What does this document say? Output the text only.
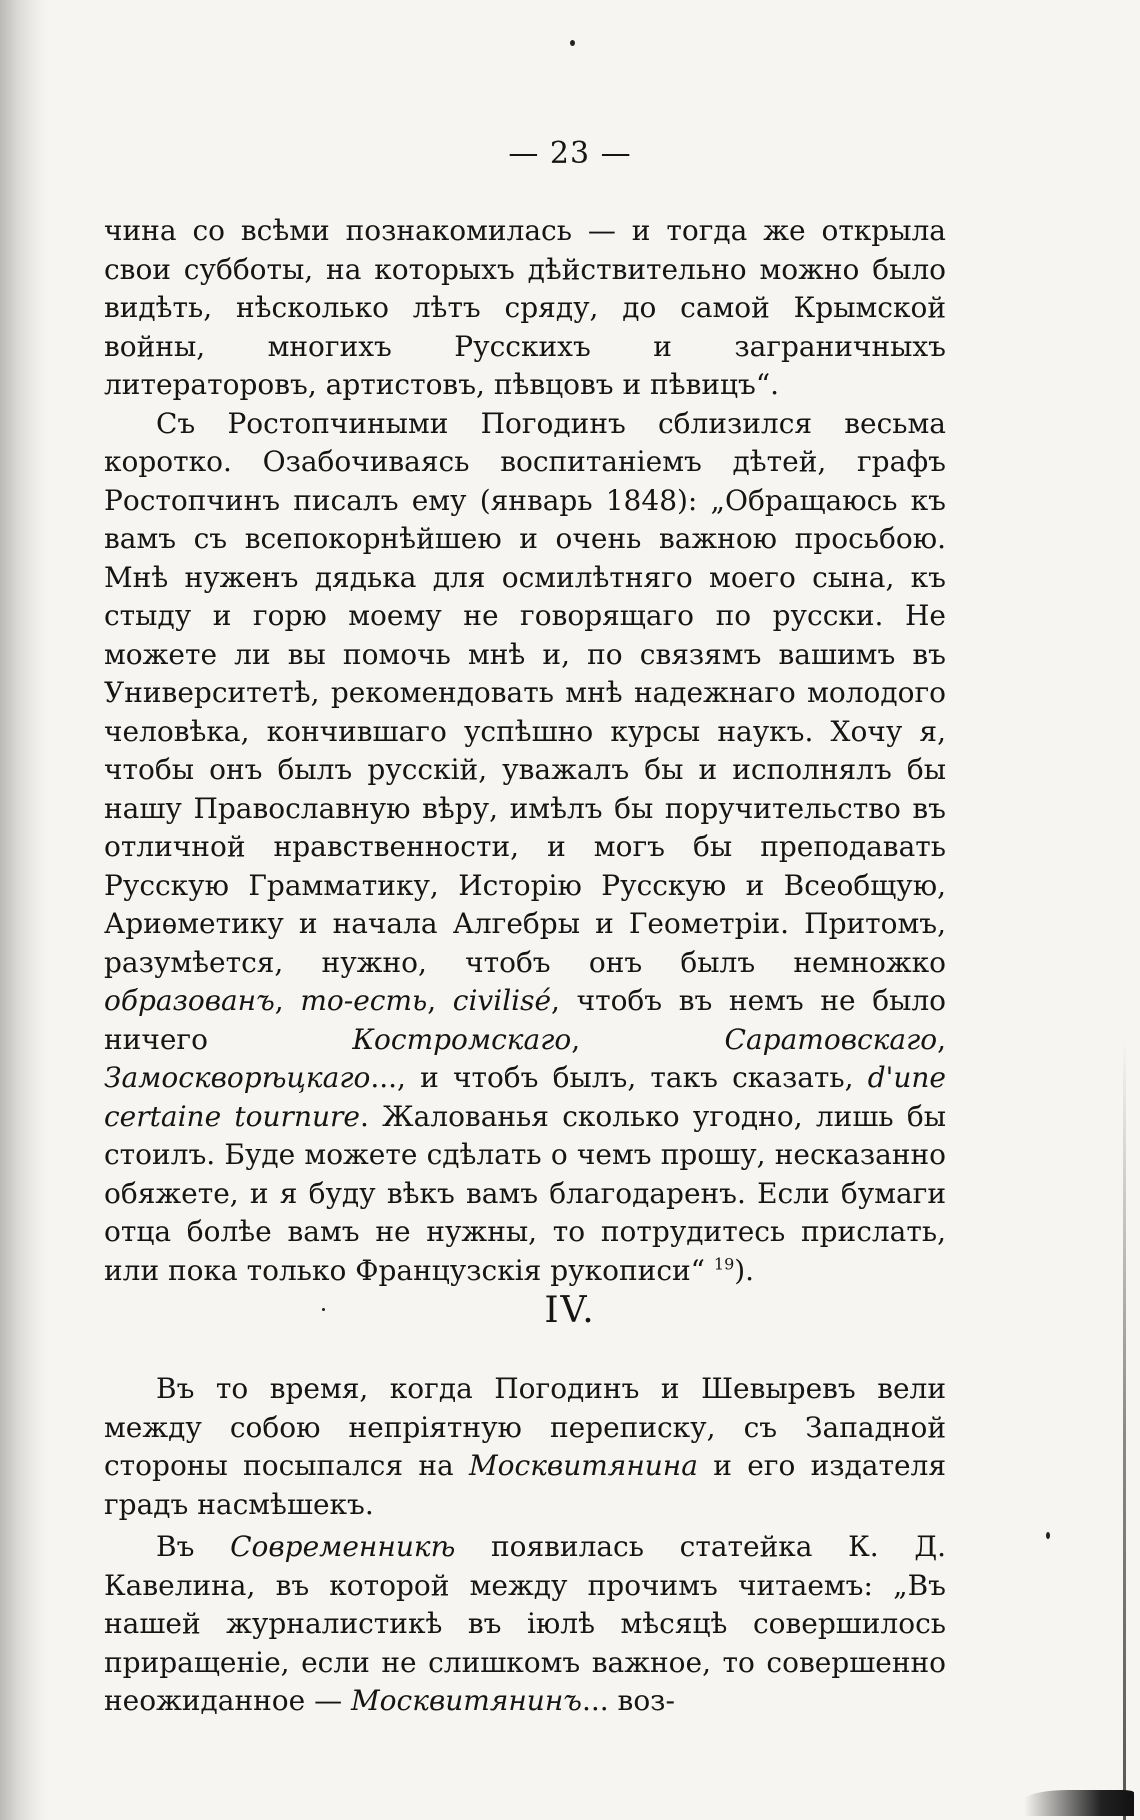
— 23 —

чина со всѣми познакомилась — и тогда же открыла свои субботы, на которыхъ дѣйствительно можно было видѣть, нѣсколько лѣтъ сряду, до самой Крымской войны, многихъ Русскихъ и заграничныхъ литераторовъ, артистовъ, пѣвцовъ и пѣвицъ“.

Съ Ростопчиными Погодинъ сблизился весьма коротко. Озабочиваясь воспитаніемъ дѣтей, графъ Ростопчинъ писалъ ему (январь 1848): „Обращаюсь къ вамъ съ всепокорнѣйшею и очень важною просьбою. Мнѣ нуженъ дядька для осмилѣтняго моего сына, къ стыду и горю моему не говорящаго по русски. Не можете ли вы помочь мнѣ и, по связямъ вашимъ въ Университетѣ, рекомендовать мнѣ надежнаго молодого человѣка, кончившаго успѣшно курсы наукъ. Хочу я, чтобы онъ былъ русскій, уважалъ бы и исполнялъ бы нашу Православную вѣру, имѣлъ бы поручительство въ отличной нравственности, и могъ бы преподавать Русскую Грамматику, Исторію Русскую и Всеобщую, Ариѳметику и начала Алгебры и Геометріи. Притомъ, разумѣется, нужно, чтобъ онъ былъ немножко образованъ, то-есть, civilisé, чтобъ въ немъ не было ничего	Костромскаго,	Саратовскаго, Замоскворѣцкаго..., и чтобъ былъ, такъ сказать, d'une certaine tournure. Жалованья сколько угодно, лишь бы стоилъ. Буде можете сдѣлать о чемъ прошу, несказанно обяжете, и я буду вѣкъ вамъ благодаренъ. Если бумаги отца болѣе вамъ не нужны, то потрудитесь прислать, или пока только Французскія рукописи“ $^{19}$).

IV.

Въ то время, когда Погодинъ и Шевыревъ вели между собою непріятную переписку, съ Западной стороны посыпался на Москвитянина и его издателя градъ насмѣшекъ.

Въ Современникѣ появилась статейка К. Д. Кавелина, въ которой между прочимъ читаемъ: „Въ нашей журналистикѣ въ іюлѣ мѣсяцѣ совершилось приращеніе, если не слишкомъ важное, то совершенно неожиданное — Москвитянинъ... воз-
